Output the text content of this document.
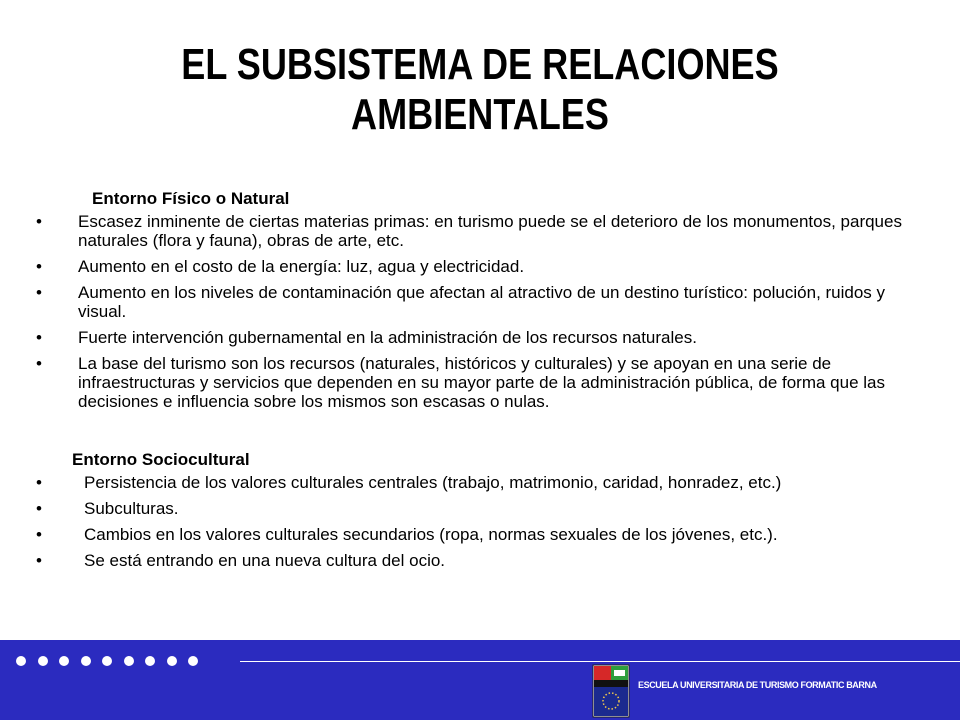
EL SUBSISTEMA DE RELACIONES AMBIENTALES
Entorno Físico o Natural
•	Escasez inminente de ciertas materias primas: en turismo puede se el deterioro de los monumentos, parques naturales (flora y fauna), obras de arte, etc.
•	Aumento en el costo de la energía: luz, agua y electricidad.
•	Aumento en los niveles de contaminación que afectan al atractivo de un destino turístico: polución, ruidos y visual.
•	Fuerte intervención gubernamental en la administración de los recursos naturales.
•	La base del turismo son los recursos (naturales, históricos y culturales) y se apoyan en una serie de infraestructuras y servicios que dependen en su mayor parte de la administración pública, de forma que las decisiones e influencia sobre los mismos son escasas o nulas.
Entorno Sociocultural
•	Persistencia de los valores culturales centrales (trabajo, matrimonio, caridad, honradez, etc.)
•	Subculturas.
•	Cambios en los valores culturales secundarios (ropa, normas sexuales de los jóvenes, etc.).
•	Se está entrando en una nueva cultura del ocio.
ESCUELA UNIVERSITARIA DE TURISMO FORMATIC BARNA
